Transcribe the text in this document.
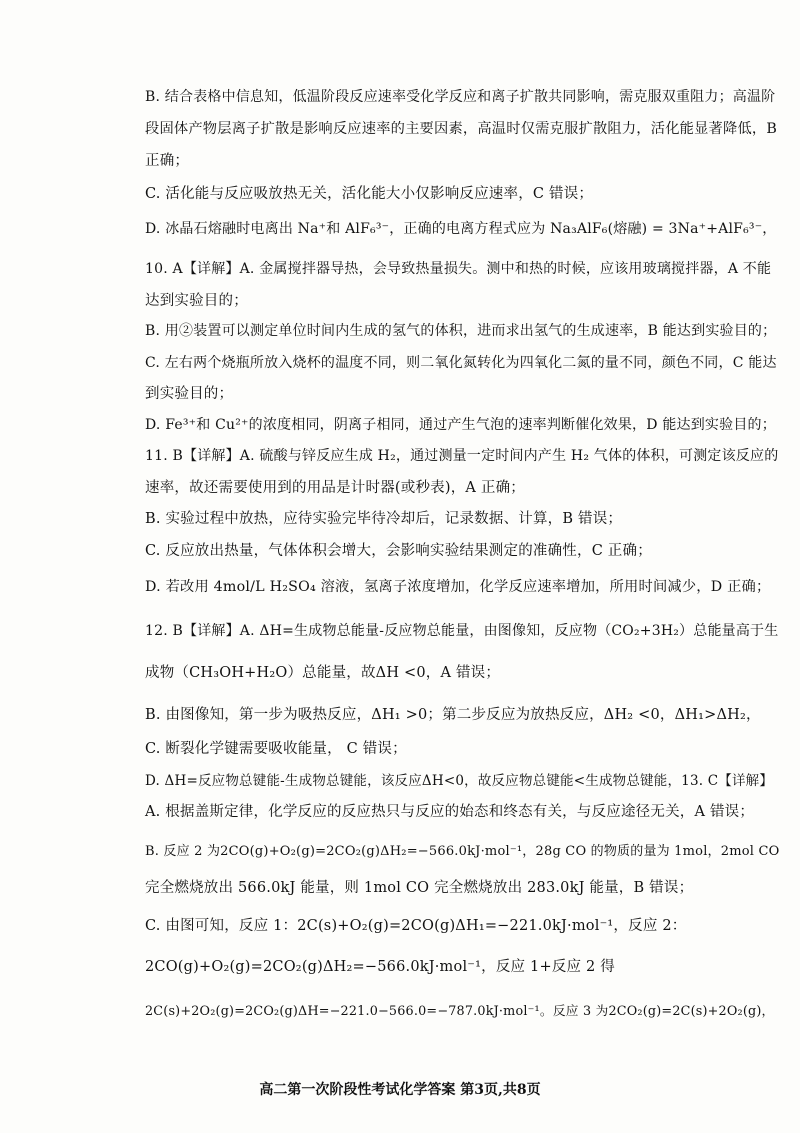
B. 结合表格中信息知，低温阶段反应速率受化学反应和离子扩散共同影响，需克服双重阻力；高温阶
段固体产物层离子扩散是影响反应速率的主要因素，高温时仅需克服扩散阻力，活化能显著降低，B
正确；
C. 活化能与反应吸放热无关，活化能大小仅影响反应速率，C 错误；
D. 冰晶石熔融时电离出 Na⁺和 AlF₆³⁻，正确的电离方程式应为 Na₃AlF₆(熔融) = 3Na⁺+AlF₆³⁻，
10. A【详解】A. 金属搅拌器导热，会导致热量损失。测中和热的时候，应该用玻璃搅拌器，A 不能
达到实验目的；
B. 用②装置可以测定单位时间内生成的氢气的体积，进而求出氢气的生成速率，B 能达到实验目的；
C. 左右两个烧瓶所放入烧杯的温度不同，则二氧化氮转化为四氧化二氮的量不同，颜色不同，C 能达
到实验目的；
D. Fe³⁺和 Cu²⁺的浓度相同，阴离子相同，通过产生气泡的速率判断催化效果，D 能达到实验目的；
11. B【详解】A. 硫酸与锌反应生成 H₂，通过测量一定时间内产生 H₂ 气体的体积，可测定该反应的
速率，故还需要使用到的用品是计时器(或秒表)，A 正确；
B. 实验过程中放热，应待实验完毕待冷却后，记录数据、计算，B 错误；
C. 反应放出热量，气体体积会增大，会影响实验结果测定的准确性，C 正确；
D. 若改用 4mol/L H₂SO₄ 溶液，氢离子浓度增加，化学反应速率增加，所用时间减少，D 正确；
12. B【详解】A. ΔH=生成物总能量-反应物总能量，由图像知，反应物（CO₂+3H₂）总能量高于生
成物（CH₃OH+H₂O）总能量，故ΔH <0，A 错误；
B. 由图像知，第一步为吸热反应，ΔH₁ >0；第二步反应为放热反应，ΔH₂ <0，ΔH₁>ΔH₂，
C. 断裂化学键需要吸收能量， C 错误；
D. ΔH=反应物总键能-生成物总键能，该反应ΔH<0，故反应物总键能<生成物总键能，13. C【详解】
A. 根据盖斯定律，化学反应的反应热只与反应的始态和终态有关，与反应途径无关，A 错误；
B. 反应 2 为2CO(g)+O₂(g)=2CO₂(g)ΔH₂=−566.0kJ·mol⁻¹，28g CO 的物质的量为 1mol，2mol CO
完全燃烧放出 566.0kJ 能量，则 1mol CO 完全燃烧放出 283.0kJ 能量，B 错误；
C. 由图可知，反应 1：2C(s)+O₂(g)=2CO(g)ΔH₁=−221.0kJ·mol⁻¹，反应 2：
2CO(g)+O₂(g)=2CO₂(g)ΔH₂=−566.0kJ·mol⁻¹，反应 1+反应 2 得
2C(s)+2O₂(g)=2CO₂(g)ΔH=−221.0−566.0=−787.0kJ·mol⁻¹。反应 3 为2CO₂(g)=2C(s)+2O₂(g)，
高二第一次阶段性考试化学答案 第3页,共8页
